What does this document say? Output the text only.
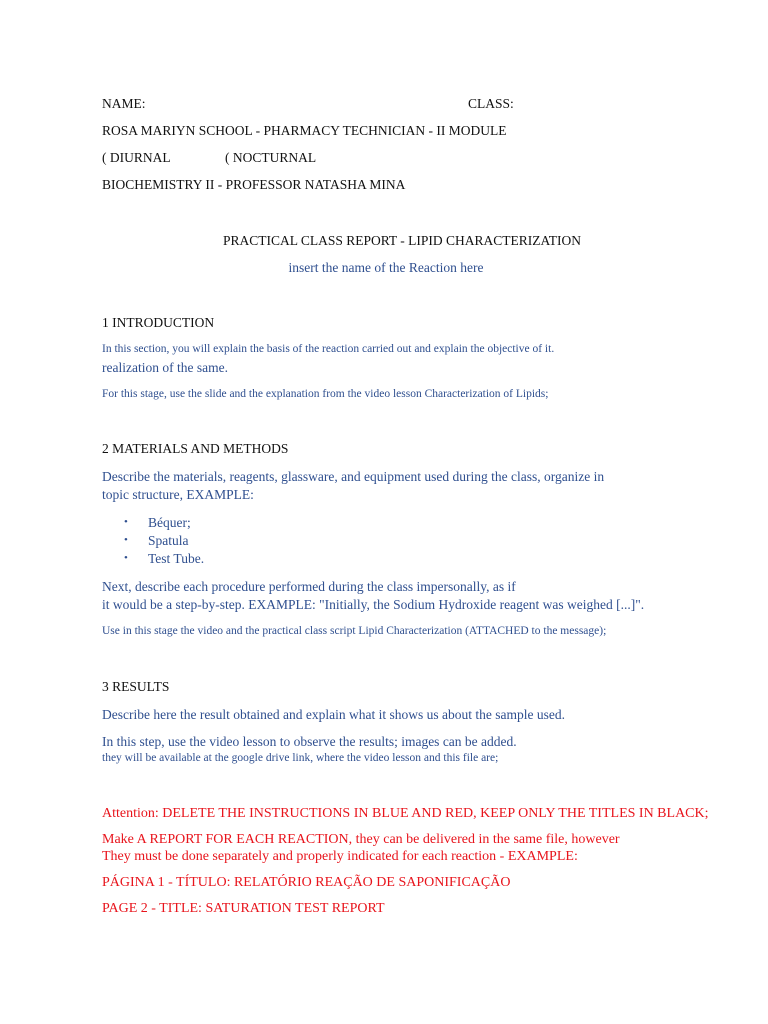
NAME:	CLASS:
ROSA MARIYN SCHOOL - PHARMACY TECHNICIAN - II MODULE
( DIURNAL	( NOCTURNAL
BIOCHEMISTRY II - PROFESSOR NATASHA MINA
PRACTICAL CLASS REPORT - LIPID CHARACTERIZATION
insert the name of the Reaction here
1 INTRODUCTION
In this section, you will explain the basis of the reaction carried out and explain the objective of it.
realization of the same.
For this stage, use the slide and the explanation from the video lesson Characterization of Lipids;
2 MATERIALS AND METHODS
Describe the materials, reagents, glassware, and equipment used during the class, organize in
topic structure, EXAMPLE:
• Béquer;
• Spatula
• Test Tube.
Next, describe each procedure performed during the class impersonally, as if
it would be a step-by-step. EXAMPLE: "Initially, the Sodium Hydroxide reagent was weighed [...]".
Use in this stage the video and the practical class script Lipid Characterization (ATTACHED to the message);
3 RESULTS
Describe here the result obtained and explain what it shows us about the sample used.
In this step, use the video lesson to observe the results; images can be added.
they will be available at the google drive link, where the video lesson and this file are;
Attention: DELETE THE INSTRUCTIONS IN BLUE AND RED, KEEP ONLY THE TITLES IN BLACK;
Make A REPORT FOR EACH REACTION, they can be delivered in the same file, however
They must be done separately and properly indicated for each reaction - EXAMPLE:
PÁGINA 1 - TÍTULO: RELATÓRIO REAÇÃO DE SAPONIFICAÇÃO
PAGE 2 - TITLE: SATURATION TEST REPORT
